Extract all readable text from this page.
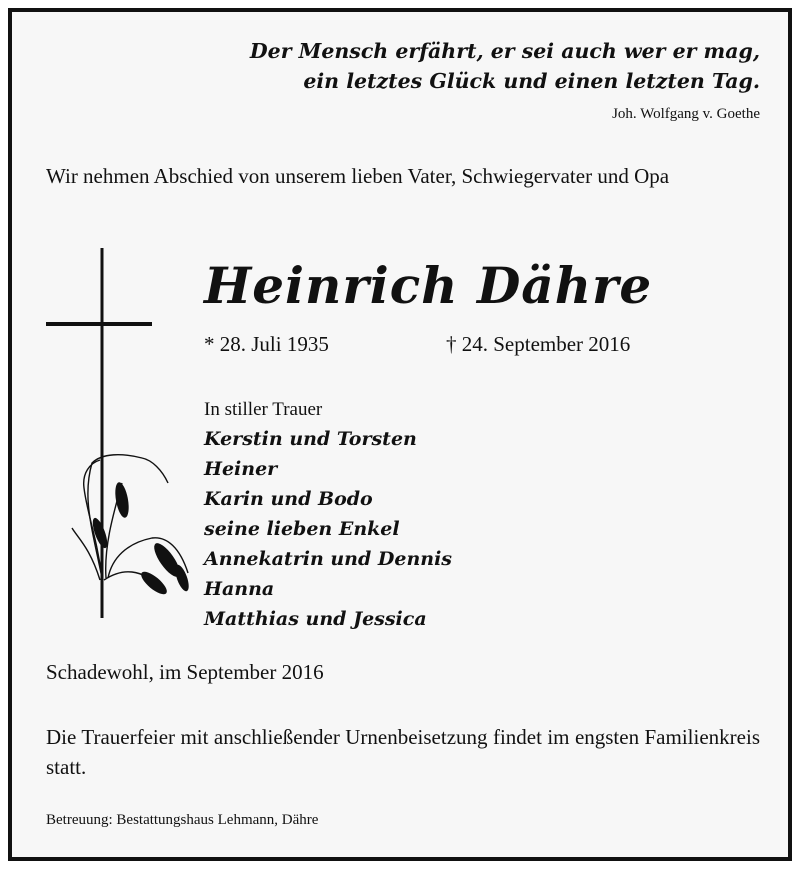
Der Mensch erfährt, er sei auch wer er mag,
ein letztes Glück und einen letzten Tag.
Joh. Wolfgang v. Goethe
Wir nehmen Abschied von unserem lieben Vater, Schwiegervater und Opa
Heinrich Dähre
* 28. Juli 1935	† 24. September 2016
In stiller Trauer
Kerstin und Torsten
Heiner
Karin und Bodo
seine lieben Enkel
Annekatrin und Dennis
Hanna
Matthias und Jessica
Schadewohl, im September 2016
Die Trauerfeier mit anschließender Urnenbeisetzung findet im engsten Familienkreis statt.
Betreuung: Bestattungshaus Lehmann, Dähre
